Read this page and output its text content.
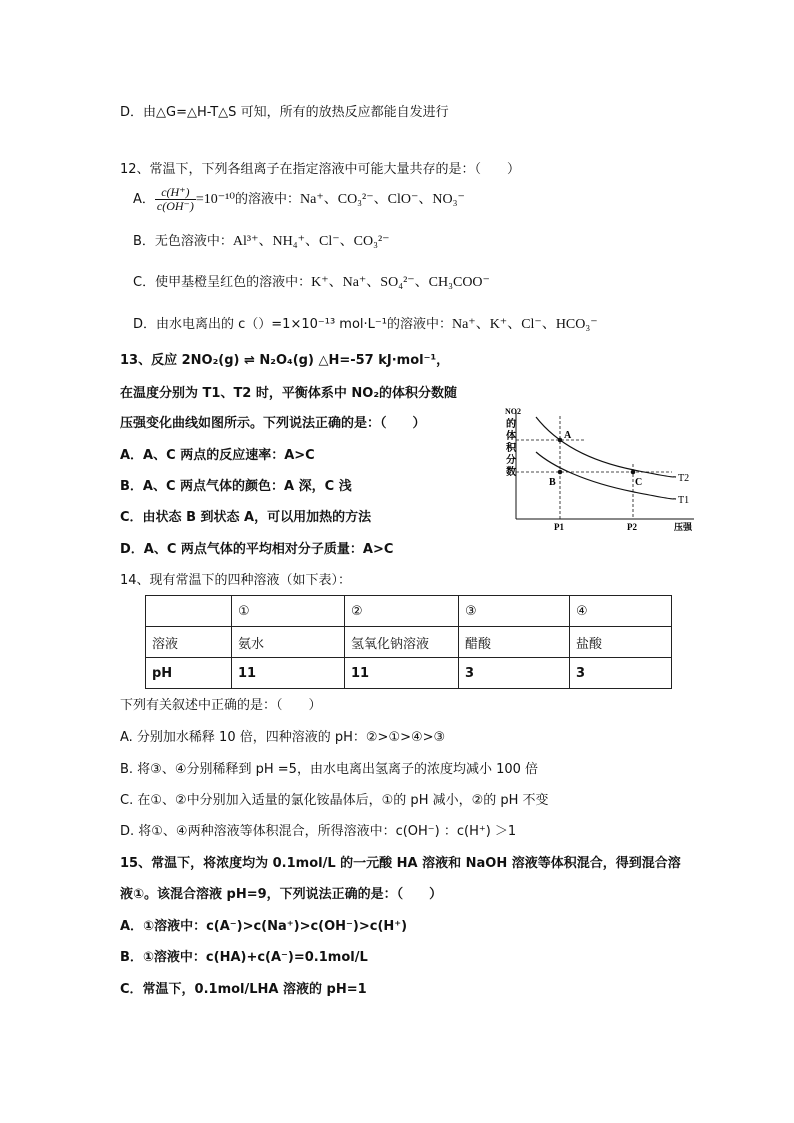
D．由△G=△H-T△S 可知，所有的放热反应都能自发进行
12、常温下，下列各组离子在指定溶液中可能大量共存的是：（　　）
A． $\frac{c(H^+)}{c(OH^-)} =10^{-10}$的溶液中：Na⁺、CO₃²⁻、ClO⁻、NO₃⁻
B．无色溶液中：Al³⁺、NH₄⁺、Cl⁻、CO₃²⁻
C．使甲基橙呈红色的溶液中：K⁺、Na⁺、SO₄²⁻、CH₃COO⁻
D．由水电离出的 c（）=1×10⁻¹³ mol·L⁻¹的溶液中：Na⁺、K⁺、Cl⁻、HCO₃⁻
13、反应 2NO₂(g) ⇌ N₂O₄(g) △H=-57 kJ·mol⁻¹，
在温度分别为 T1、T2 时，平衡体系中 NO₂的体积分数随
压强变化曲线如图所示。下列说法正确的是：（　　）
A．A、C 两点的反应速率：A>C
B．A、C 两点气体的颜色：A 深，C 浅
C．由状态 B 到状态 A，可以用加热的方法
D．A、C 两点气体的平均相对分子质量：A>C
NO2
的
体
积
分
数
A
B	C	T2
T1
P1	P2	压强
14、现有常温下的四种溶液（如下表）：
	①	②	③	④
溶液	氨水	氢氧化钠溶液	醋酸	盐酸
pH	11	11	3	3
下列有关叙述中正确的是：（　　）
A. 分别加水稀释 10 倍，四种溶液的 pH：②>①>④>③
B. 将③、④分别稀释到 pH =5，由水电离出氢离子的浓度均减小 100 倍
C. 在①、②中分别加入适量的氯化铵晶体后，①的 pH 减小，②的 pH 不变
D. 将①、④两种溶液等体积混合，所得溶液中：c(OH⁻) ：c(H⁺) ＞1
15、常温下，将浓度均为 0.1mol/L 的一元酸 HA 溶液和 NaOH 溶液等体积混合，得到混合溶
液①。该混合溶液 pH=9，下列说法正确的是：（　　）
A．①溶液中：c(A⁻)>c(Na⁺)>c(OH⁻)>c(H⁺)
B．①溶液中：c(HA)+c(A⁻)=0.1mol/L
C．常温下，0.1mol/LHA 溶液的 pH=1
